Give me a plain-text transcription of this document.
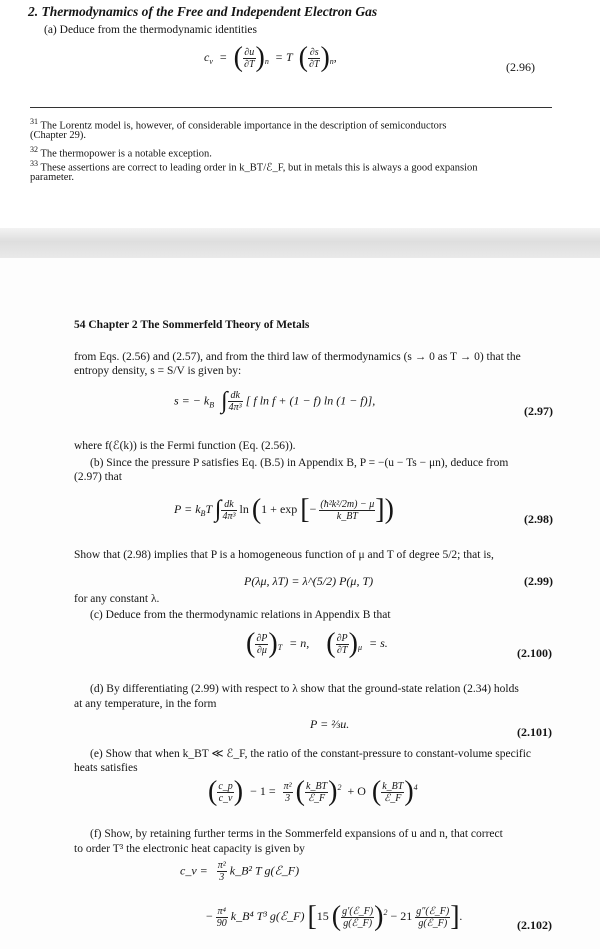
2. Thermodynamics of the Free and Independent Electron Gas
(a) Deduce from the thermodynamic identities
$c_v$ = ( $\frac{\partial u}{\partial T} )_n = T$ ( $\frac{\partial s}{\partial T} )_n$,
(2.96)
$^{31}$ The Lorentz model is, however, of considerable importance in the description of semiconductors
(Chapter 29).
$^{32}$ The thermopower is a notable exception.
$^{33}$ These assertions are correct to leading order in k_BT/ℰ_F, but in metals this is always a good expansion
parameter.
54 Chapter 2 The Sommerfeld Theory of Metals
from Eqs. (2.56) and (2.57), and from the third law of thermodynamics (s → 0 as T → 0) that the
entropy density, s = S/V is given by:
s = − $k_B$ ∫ $\frac{dk}{\text{4π³}}$ [ f ln f + (1 − f) ln (1 − f)],
(2.97)
where f(ℰ(k)) is the Fermi function (Eq. (2.56)).
(b) Since the pressure P satisfies Eq. (B.5) in Appendix B, P = −(u − Ts − μn), deduce from
(2.97) that
$P = k_BT$ ∫ $\frac{dk}{\text{4π³}}$ ln (1 + exp [− $\frac{\text{(ħ²k²/2m) − μ}}{k\_BT}$ ])	(2.98)
Show that (2.98) implies that P is a homogeneous function of μ and T of degree 5/2; that is,
P(λμ, λT) = λ^(5/2) P(μ, T)	(2.99)
for any constant λ.
(c) Deduce from the thermodynamic relations in Appendix B that
( $\frac{\partial P}{\partial\mu} )_T = n$, ( $\frac{\partial P}{\partial T} )_\mu = s$.
(2.100)
(d) By differentiating (2.99) with respect to λ show that the ground-state relation (2.34) holds
at any temperature, in the form
P = ⅔u.
(2.101)
(e) Show that when k_BT ≪ ℰ_F, the ratio of the constant-pressure to constant-volume specific
heats satisfies
( $\frac{c\_p}{c\_v}$ ) − $1 = \frac{\text{π²}}{3}$ ( $\frac{k\_BT}{\text{ℰ\_F}} )^2 + O$ ( $\frac{k\_BT}{\text{ℰ\_F}} )^4$
(f) Show, by retaining further terms in the Sommerfeld expansions of u and n, that correct
to order T³ the electronic heat capacity is given by
c_v = $\frac{\text{π²}}{3}$ k_B² T g(ℰ_F)
− $\frac{\text{π⁴}}{90}$ k_B⁴ T³ g(ℰ_F) [15 ( $\frac{\text{g′(ℰ\_F)}}{\text{g(ℰ\_F)}} )^2 - 21 \frac{\text{g″(ℰ\_F)}}{\text{g(ℰ\_F)}}$ ].
(2.102)
